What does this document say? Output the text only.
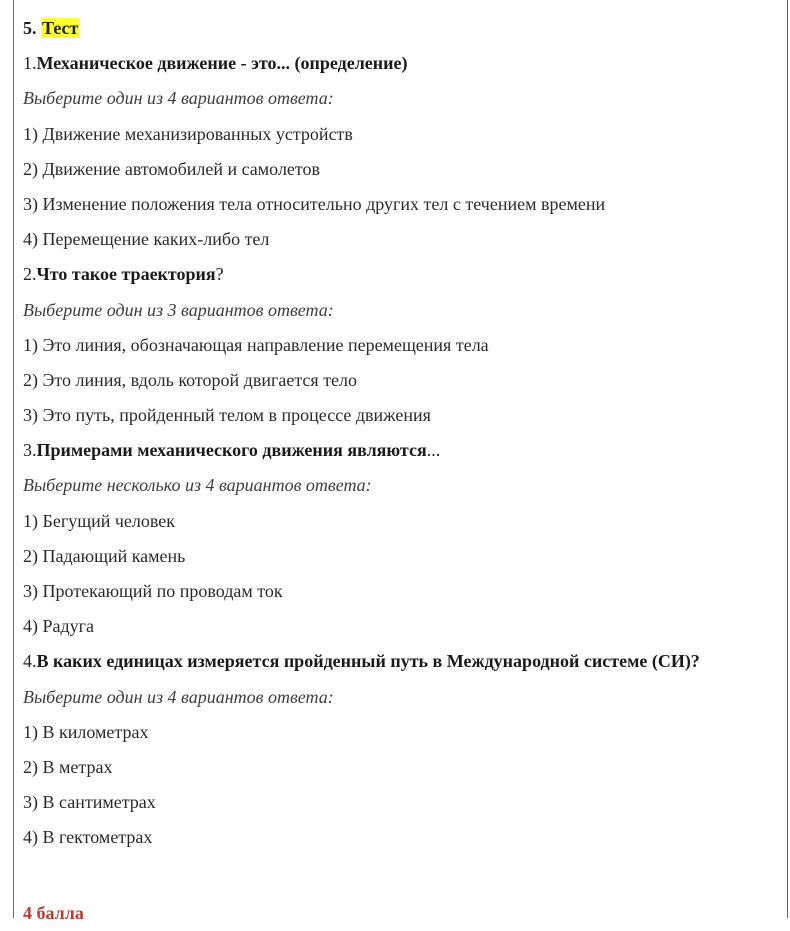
5. Тест
1.Механическое движение - это... (определение)
Выберите один из 4 вариантов ответа:
1) Движение механизированных устройств
2) Движение автомобилей и самолетов
3) Изменение положения тела относительно других тел с течением времени
4) Перемещение каких-либо тел
2.Что такое траектория?
Выберите один из 3 вариантов ответа:
1) Это линия, обозначающая направление перемещения тела
2) Это линия, вдоль которой двигается тело
3) Это путь, пройденный телом в процессе движения
3.Примерами механического движения являются...
Выберите несколько из 4 вариантов ответа:
1) Бегущий человек
2) Падающий камень
3) Протекающий по проводам ток
4) Радуга
4.В каких единицах измеряется пройденный путь в Международной системе (СИ)?
Выберите один из 4 вариантов ответа:
1) В километрах
2) В метрах
3) В сантиметрах
4) В гектометрах
4 балла
